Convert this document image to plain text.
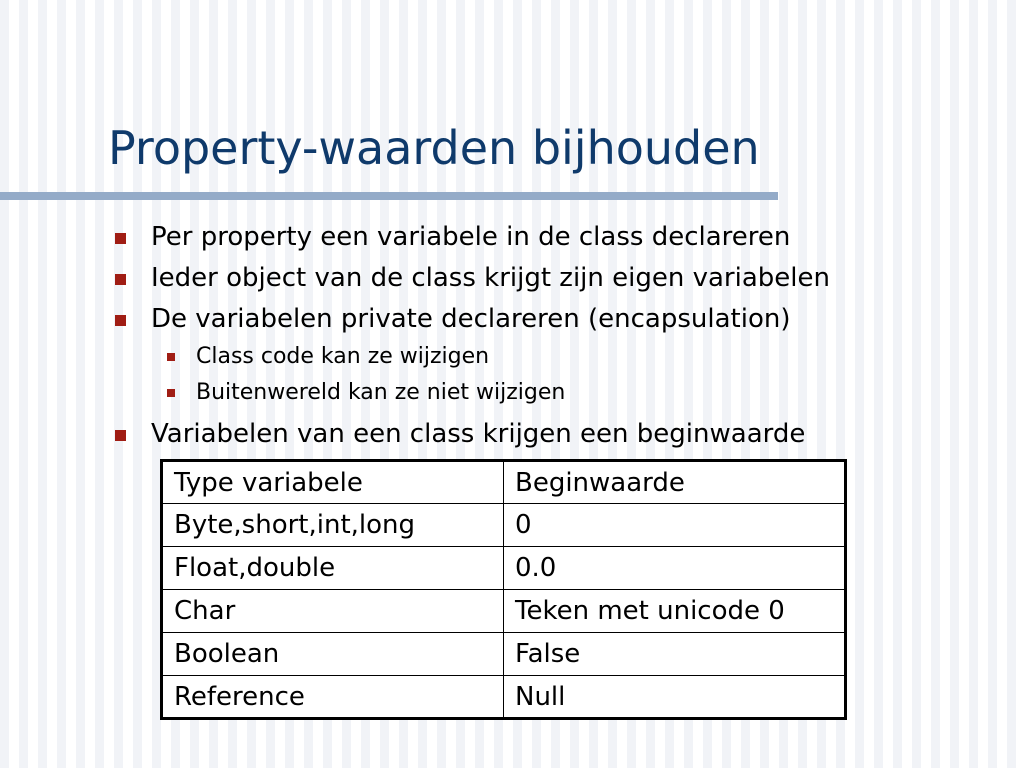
Property-waarden bijhouden
Per property een variabele in de class declareren
Ieder object van de class krijgt zijn eigen variabelen
De variabelen private declareren (encapsulation)
Class code kan ze wijzigen
Buitenwereld kan ze niet wijzigen
Variabelen van een class krijgen een beginwaarde
Type variabele	Beginwaarde
Byte,short,int,long	0
Float,double	0.0
Char	Teken met unicode 0
Boolean	False
Reference	Null
